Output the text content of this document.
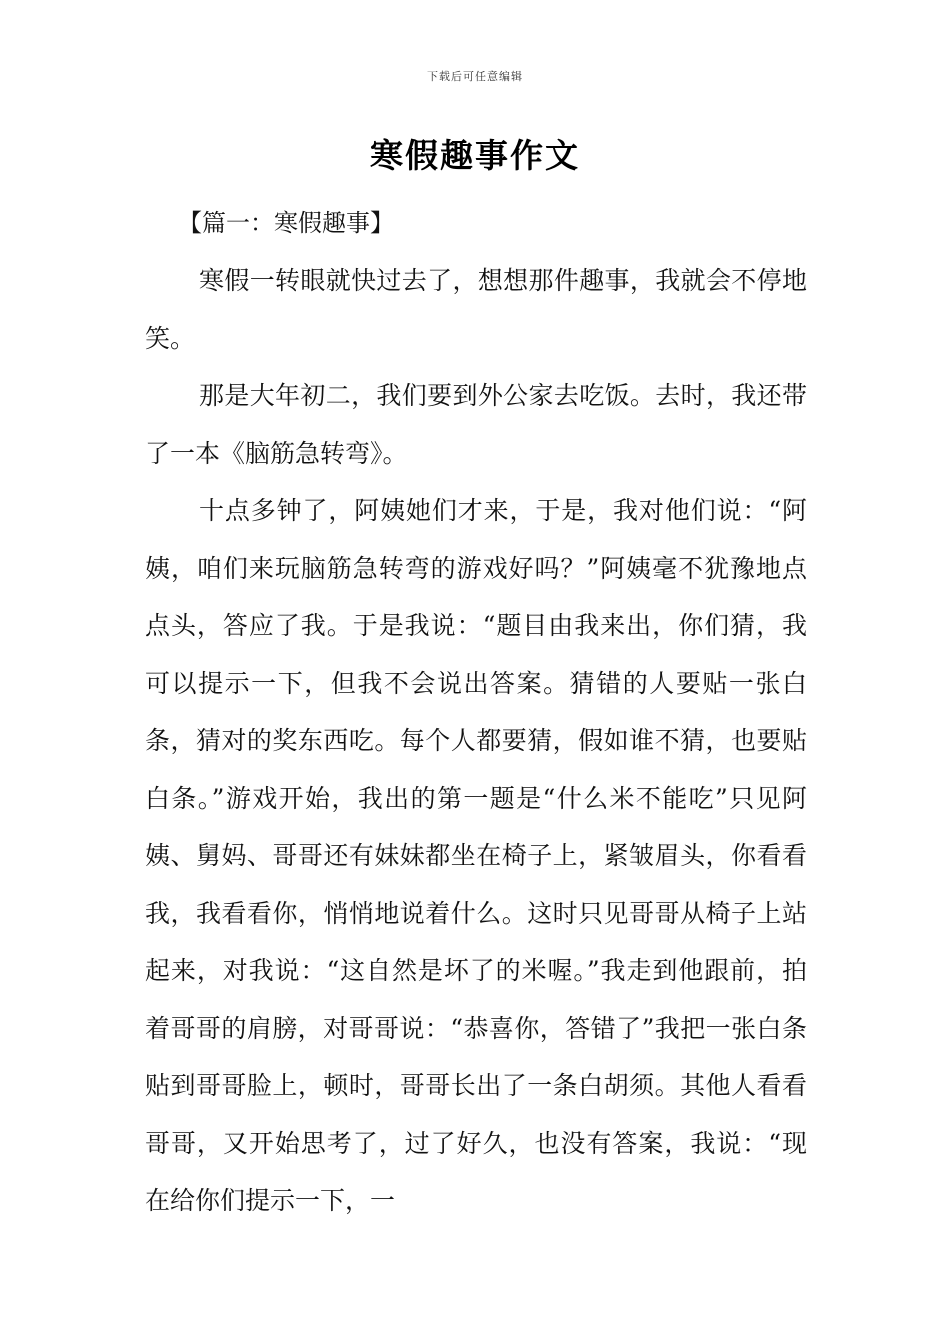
下载后可任意编辑
寒假趣事作文
【篇一：寒假趣事】

寒假一转眼就快过去了，想想那件趣事，我就会不停地笑。

那是大年初二，我们要到外公家去吃饭。去时，我还带了一本《脑筋急转弯》。

十点多钟了，阿姨她们才来，于是，我对他们说：“阿姨，咱们来玩脑筋急转弯的游戏好吗？”阿姨毫不犹豫地点点头，答应了我。于是我说：“题目由我来出，你们猜，我可以提示一下，但我不会说出答案。猜错的人要贴一张白条，猜对的奖东西吃。每个人都要猜，假如谁不猜，也要贴白条。”游戏开始，我出的第一题是“什么米不能吃”只见阿姨、舅妈、哥哥还有妹妹都坐在椅子上，紧皱眉头，你看看我，我看看你，悄悄地说着什么。这时只见哥哥从椅子上站起来，对我说：“这自然是坏了的米喔。”我走到他跟前，拍着哥哥的肩膀，对哥哥说：“恭喜你，答错了”我把一张白条贴到哥哥脸上，顿时，哥哥长出了一条白胡须。其他人看看哥哥，又开始思考了，过了好久，也没有答案，我说：“现在给你们提示一下，一
